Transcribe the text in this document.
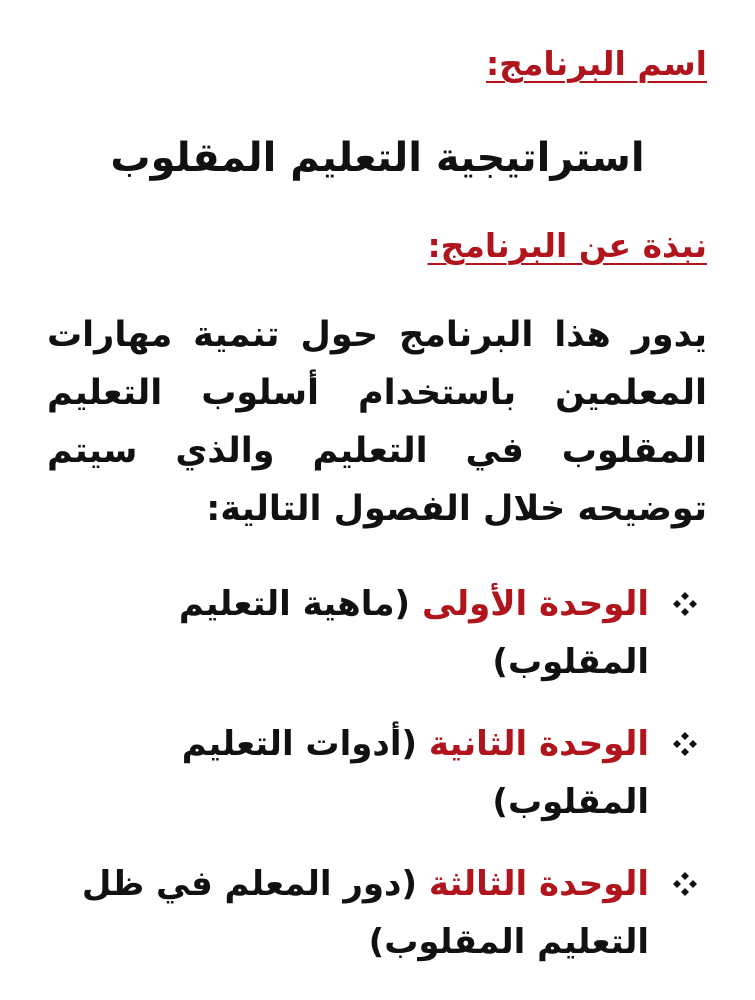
اسم البرنامج:
استراتيجية التعليم المقلوب
نبذة عن البرنامج:
يدور هذا البرنامج حول تنمية مهارات المعلمين باستخدام أسلوب التعليم المقلوب في التعليم والذي سيتم توضيحه خلال الفصول التالية:
الوحدة الأولى (ماهية التعليم المقلوب)
الوحدة الثانية (أدوات التعليم المقلوب)
الوحدة الثالثة (دور المعلم في ظل التعليم المقلوب)
